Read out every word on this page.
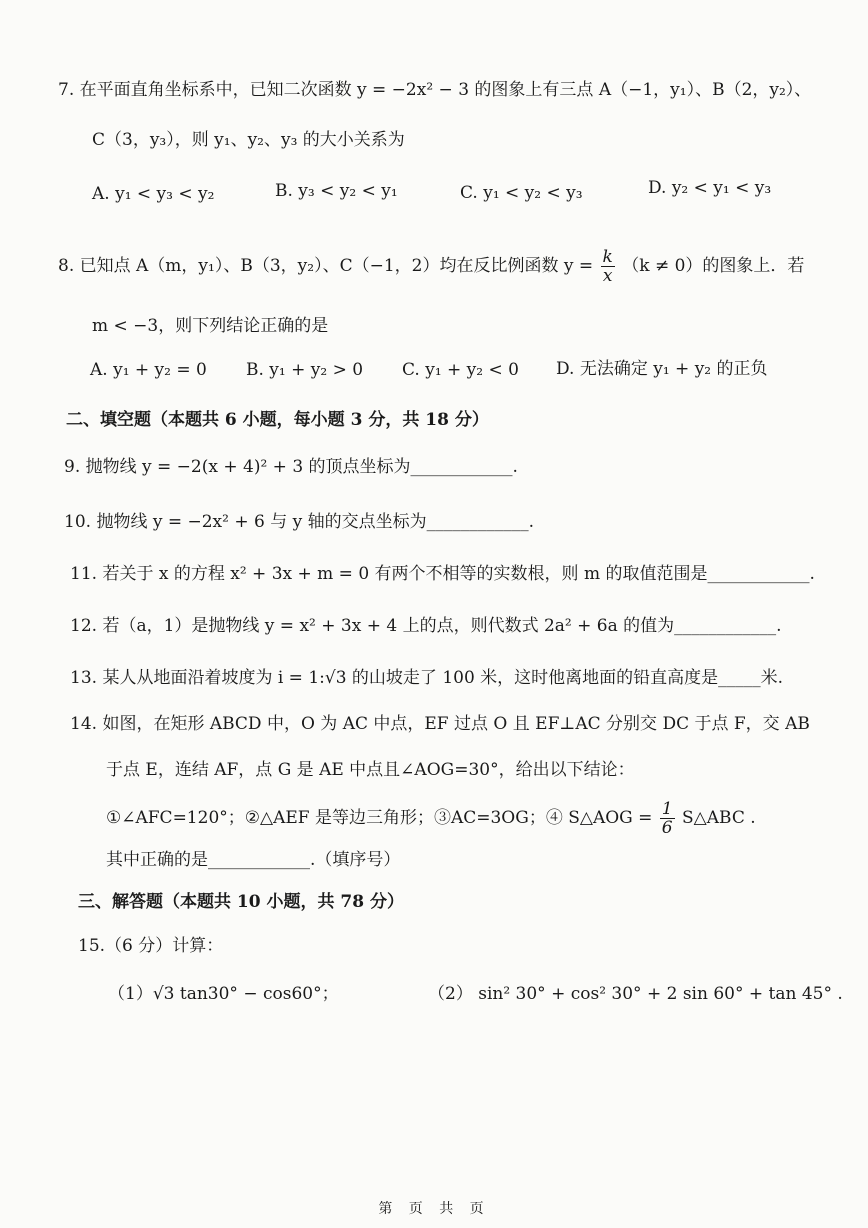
7. 在平面直角坐标系中，已知二次函数 y = −2x² − 3 的图象上有三点 A（−1，y₁）、B（2，y₂）、
C（3，y₃），则 y₁、y₂、y₃ 的大小关系为
A. y₁ < y₃ < y₂	B. y₃ < y₂ < y₁	C. y₁ < y₂ < y₃	D. y₂ < y₁ < y₃
8. 已知点 A（m，y₁）、B（3，y₂）、C（−1，2）均在反比例函数 $y = \frac{k}{x} (k \ne 0)$的图象上．若
m < −3，则下列结论正确的是
A. y₁ + y₂ = 0 B. y₁ + y₂ > 0 C. y₁ + y₂ < 0 D. 无法确定 y₁ + y₂ 的正负
二、填空题（本题共 6 小题，每小题 3 分，共 18 分）
9. 抛物线 y = −2(x + 4)² + 3 的顶点坐标为____________.
10. 抛物线 y = −2x² + 6 与 y 轴的交点坐标为____________.
11. 若关于 x 的方程 x² + 3x + m = 0 有两个不相等的实数根，则 m 的取值范围是____________.
12. 若（a，1）是抛物线 y = x² + 3x + 4 上的点，则代数式 2a² + 6a 的值为____________.
13. 某人从地面沿着坡度为 i = 1:√3 的山坡走了 100 米，这时他离地面的铅直高度是_____米.
14. 如图，在矩形 ABCD 中，O 为 AC 中点，EF 过点 O 且 EF⊥AC 分别交 DC 于点 F，交 AB
于点 E，连结 AF，点 G 是 AE 中点且∠AOG=30°，给出以下结论：
①∠AFC=120°；②△AEF 是等边三角形；③AC=3OG；④ S△AOG = $\frac{1}{6}$ S△ABC .
其中正确的是____________.（填序号）
三、解答题（本题共 10 小题，共 78 分）
15.（6 分）计算：
（1）√3 tan30° − cos60°；	（2） sin² 30° + cos² 30° + 2 sin 60° + tan 45° .
第 页 共 页
